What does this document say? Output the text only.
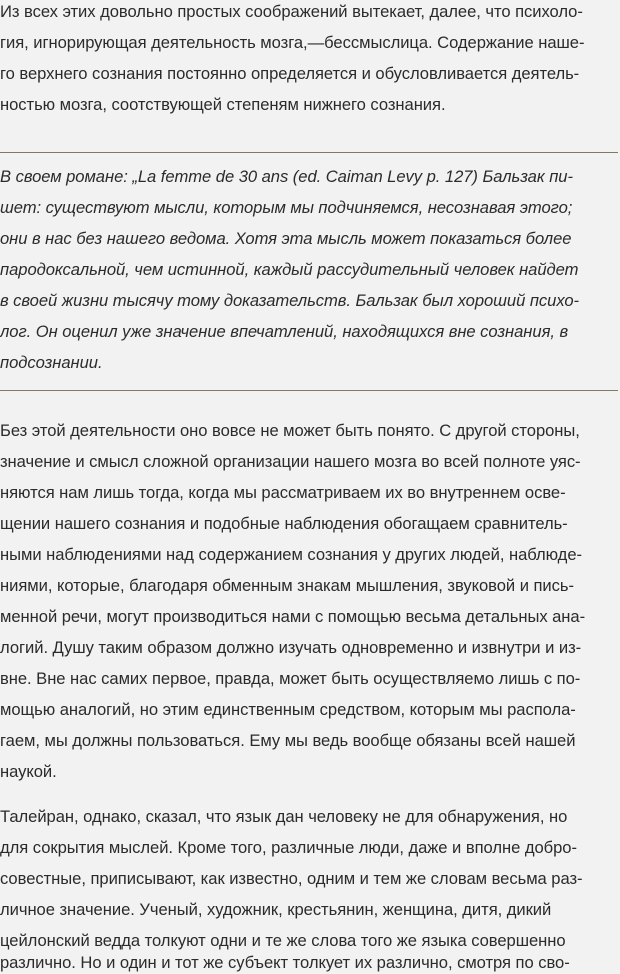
Из всех этих довольно простых соображений вытекает, далее, что психоло-
гия, игнорирующая деятельность мозга,—бессмыслица. Содержание наше-
го верхнего сознания постоянно определяется и обусловливается деятель-
ностью мозга, соотствующей степеням нижнего сознания.
В своем романе: „La femme de 30 ans (ed. Caiman Levy p. 127) Бальзак пи-
шет: существуют мысли, которым мы подчиняемся, несознавая этого;
они в нас без нашего ведома. Хотя эта мысль может показаться более
пародоксальной, чем истинной, каждый рассудительный человек найдет
в своей жизни тысячу тому доказательств. Бальзак был хороший психо-
лог. Он оценил уже значение впечатлений, находящихся вне сознания, в
подсознании.
Без этой деятельности оно вовсе не может быть понято. С другой стороны,
значение и смысл сложной организации нашего мозга во всей полноте уяс-
няются нам лишь тогда, когда мы рассматриваем их во внутреннем осве-
щении нашего сознания и подобные наблюдения обогащаем сравнитель-
ными наблюдениями над содержанием сознания у других людей, наблюде-
ниями, которые, благодаря обменным знакам мышления, звуковой и пись-
менной речи, могут производиться нами с помощью весьма детальных ана-
логий. Душу таким образом должно изучать одновременно и извнутри и из-
вне. Вне нас самих первое, правда, может быть осуществляемо лишь с по-
мощью аналогий, но этим единственным средством, которым мы распола-
гаем, мы должны пользоваться. Ему мы ведь вообще обязаны всей нашей
наукой.
Талейран, однако, сказал, что язык дан человеку не для обнаружения, но
для сокрытия мыслей. Кроме того, различные люди, даже и вполне добро-
совестные, приписывают, как известно, одним и тем же словам весьма раз-
личное значение. Ученый, художник, крестьянин, женщина, дитя, дикий
цейлонский ведда толкуют одни и те же слова того же языка совершенно
различно. Но и один и тот же субъект толкует их различно, смотря по сво-
